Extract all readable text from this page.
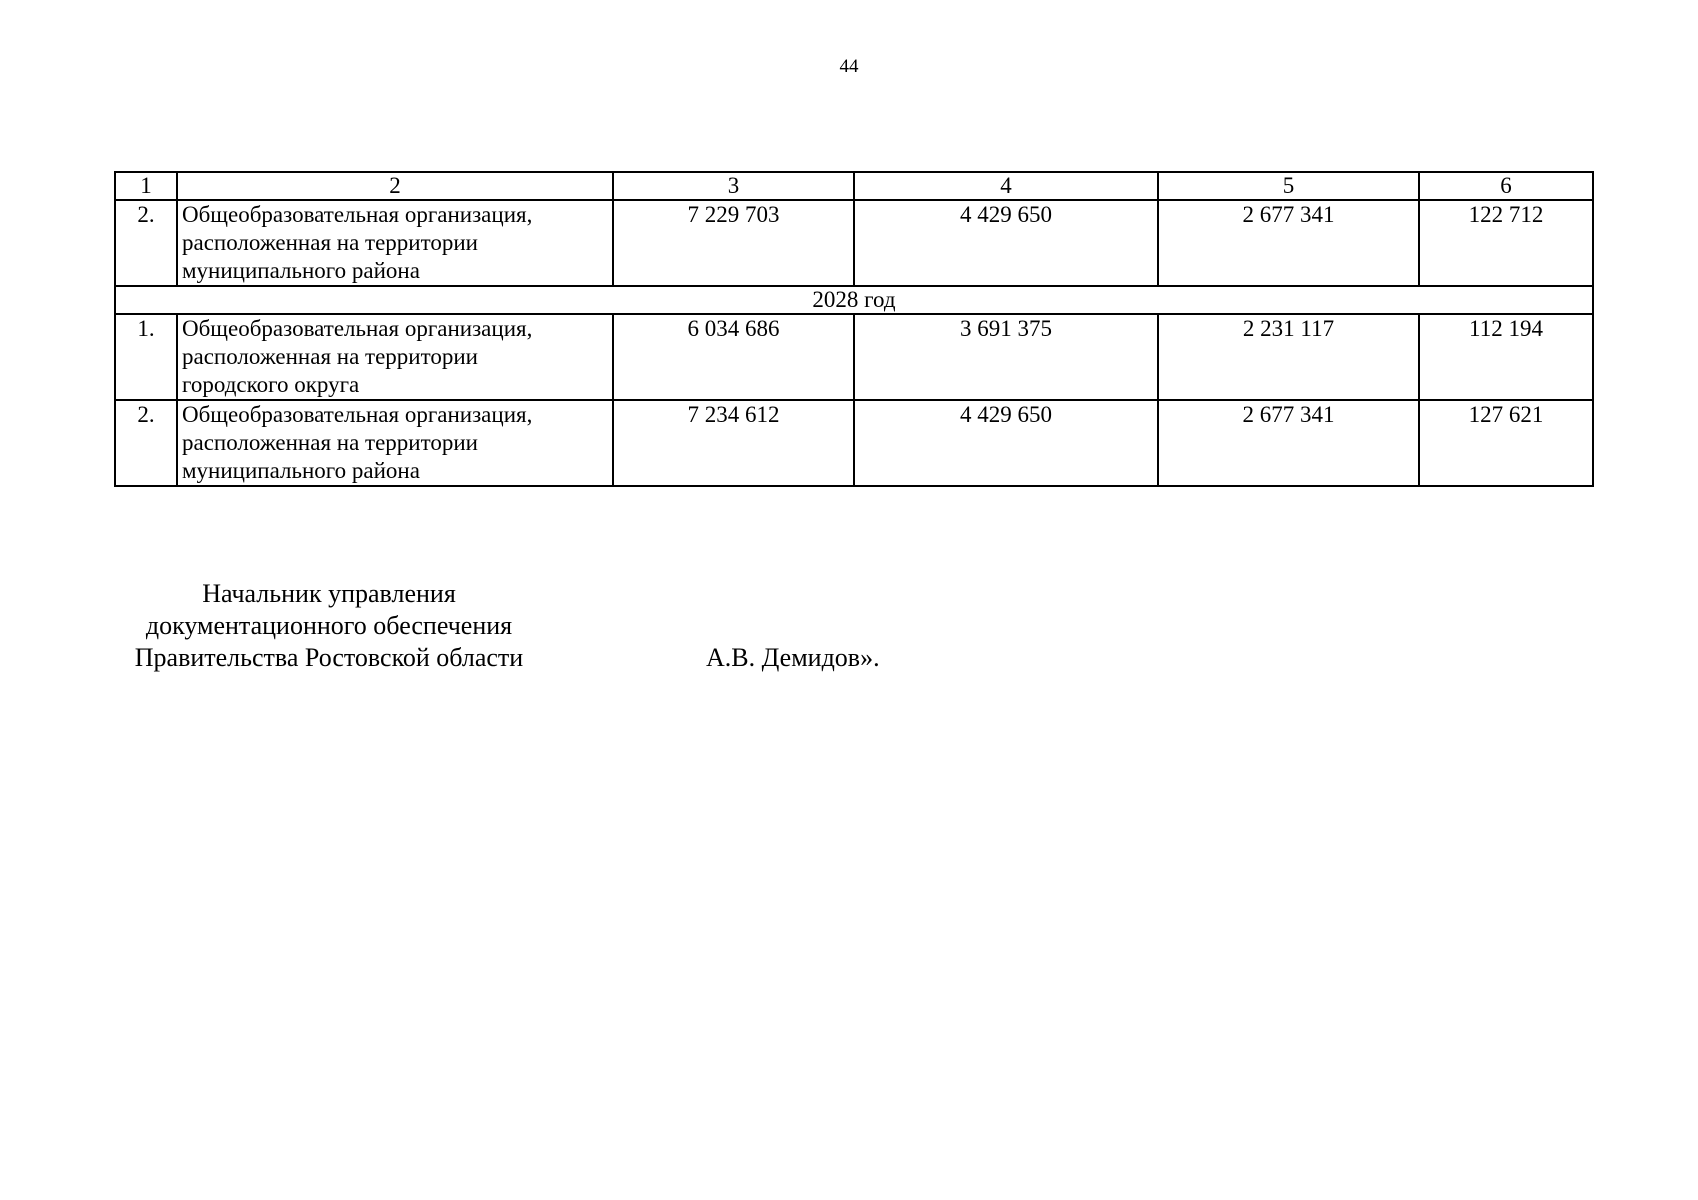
44
1	2	3	4	5	6
2.	Общеобразовательная организация,
расположенная на территории
муниципального района	7 229 703	4 429 650	2 677 341	122 712
2028 год					
1.	Общеобразовательная организация,
расположенная на территории
городского округа	6 034 686	3 691 375	2 231 117	112 194
2.	Общеобразовательная организация,
расположенная на территории
муниципального района	7 234 612	4 429 650	2 677 341	127 621
Начальник управления
документационного обеспечения
Правительства Ростовской области	А.В. Демидов».
